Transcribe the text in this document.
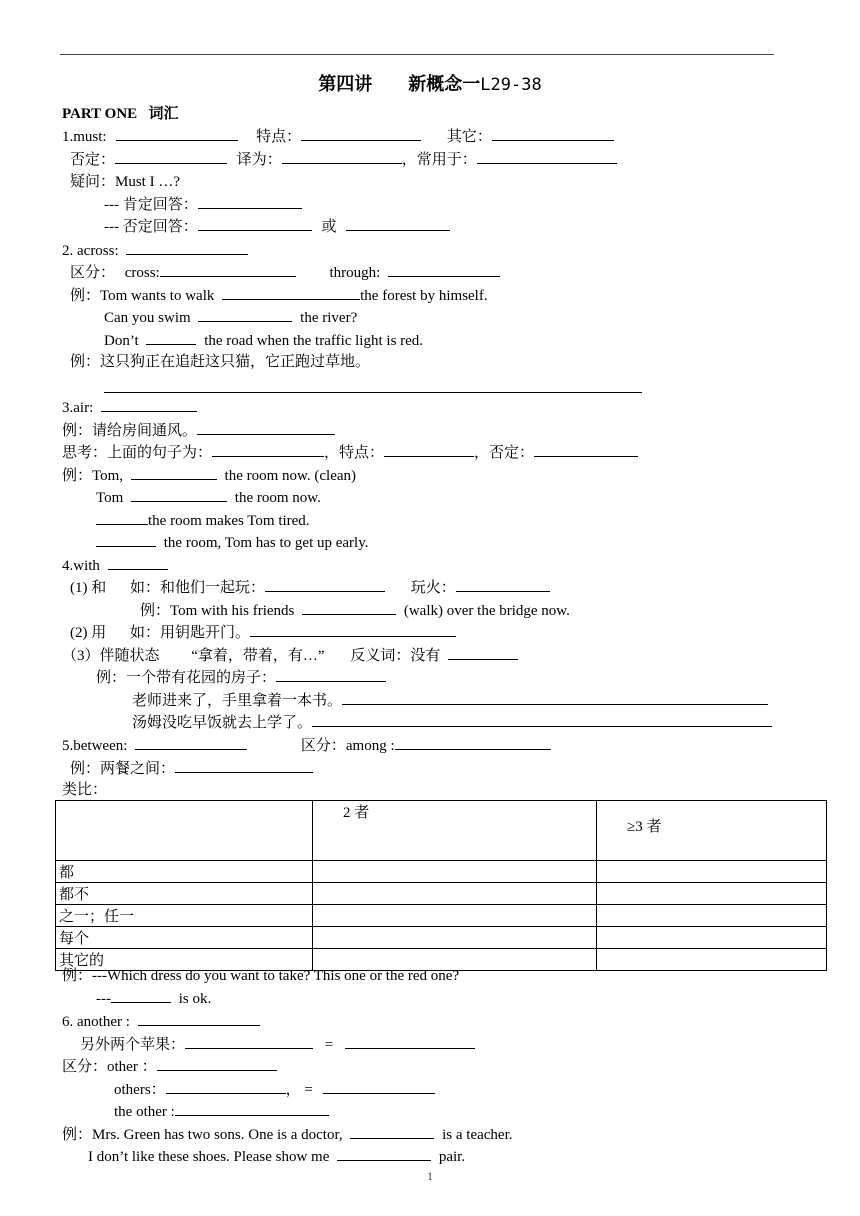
第四讲　　新概念一L29-38
PART ONE 词汇
1.must:	特点：	其它：
否定：	译为：	，常用于：
疑问：Must I …?
--- 肯定回答：
--- 否定回答：	或
2. across:
区分： cross:	through:
例：Tom wants to walk	the forest by himself.
Can you swim	the river?
Don’t	the road when the traffic light is red.
例：这只狗正在追赶这只猫，它正跑过草地。
3.air:
例：请给房间通风。
思考：上面的句子为：	，特点：	，否定：
例：Tom,	the room now. (clean)
Tom	the room now.
the room makes Tom tired.
the room, Tom has to get up early.
4.with
(1) 和 如：和他们一起玩：	玩火：
例：Tom with his friends	(walk) over the bridge now.
(2) 用 如：用钥匙开门。
（3）伴随状态 “拿着，带着，有…” 反义词：没有
例：一个带有花园的房子：
老师进来了，手里拿着一本书。
汤姆没吃早饭就去上学了。
5.between:	区分：among :
例：两餐之间：
类比：
	2 者	≥3 者
都		
都不		
之一；任一		
每个		
其它的		
例：---Which dress do you want to take? This one or the red one?
---	is ok.
6. another :
另外两个苹果：	=
区分：other ：
others：	， =
the other :
例：Mrs. Green has two sons. One is a doctor,	is a teacher.
I don’t like these shoes. Please show me	pair.
1
